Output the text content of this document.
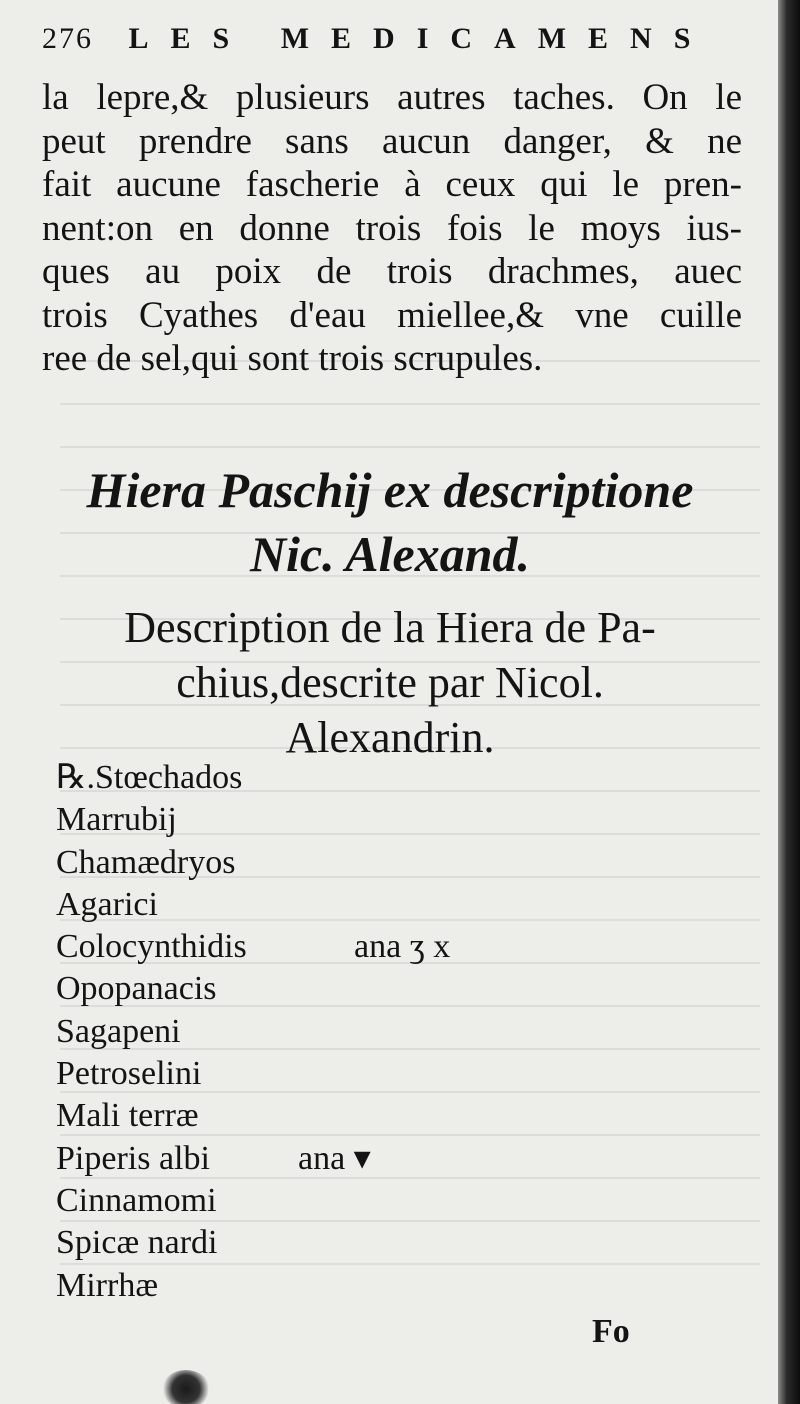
276 LES MEDICAMENS
la lepre,& plusieurs autres taches. On le
peut prendre sans aucun danger, & ne
fait aucune fascherie à ceux qui le pren-
nent:on en donne trois fois le moys ius-
ques au poix de trois drachmes, auec
trois Cyathes d'eau miellee,& vne cuille
ree de sel,qui sont trois scrupules.
Hiera Paschij ex descriptione
Nic. Alexand.
Description de la Hiera de Pa-
chius,descrite par Nicol.
Alexandrin.
℞.Stœchados
Marrubij
Chamædryos
Agarici
Colocynthidis	ana ʒ x
Opopanacis
Sagapeni
Petroselini
Mali terræ
Piperis albi	ana ▾
Cinnamomi
Spicæ nardi
Mirrhæ
Fo
